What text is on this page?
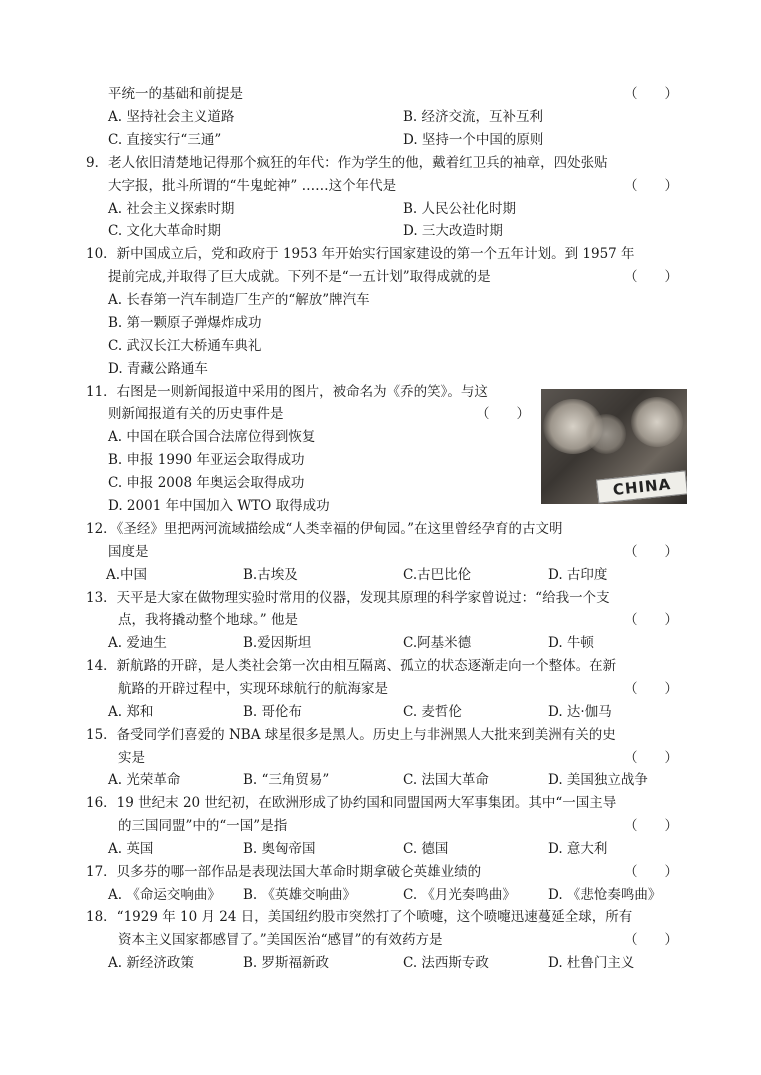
CHINA
平统一的基础和前提是	（　　）
A. 坚持社会主义道路	B. 经济交流，互补互利
C. 直接实行“三通”	D. 坚持一个中国的原则
9．老人依旧清楚地记得那个疯狂的年代：作为学生的他，戴着红卫兵的袖章，四处张贴
大字报，批斗所谓的“牛鬼蛇神” ……这个年代是	（　　）
A. 社会主义探索时期	B. 人民公社化时期
C. 文化大革命时期	D. 三大改造时期
10．新中国成立后，党和政府于 1953 年开始实行国家建设的第一个五年计划。到 1957 年
提前完成,并取得了巨大成就。下列不是“一五计划”取得成就的是	（　　）
A. 长春第一汽车制造厂生产的“解放”牌汽车
B. 第一颗原子弹爆炸成功
C. 武汉长江大桥通车典礼
D. 青藏公路通车
11．右图是一则新闻报道中采用的图片，被命名为《乔的笑》。与这
则新闻报道有关的历史事件是	（　　）
A. 中国在联合国合法席位得到恢复
B. 申报 1990 年亚运会取得成功
C. 申报 2008 年奥运会取得成功
D. 2001 年中国加入 WTO 取得成功
12．《圣经》里把两河流域描绘成“人类幸福的伊甸园。”在这里曾经孕育的古文明
国度是	（　　）
A.中国	B.古埃及	C.古巴比伦	D. 古印度
13．天平是大家在做物理实验时常用的仪器，发现其原理的科学家曾说过：“给我一个支
点，我将撬动整个地球。” 他是	（　　）
A. 爱迪生	B.爱因斯坦	C.阿基米德	D. 牛顿
14．新航路的开辟，是人类社会第一次由相互隔离、孤立的状态逐渐走向一个整体。在新
航路的开辟过程中，实现环球航行的航海家是	（　　）
A. 郑和	B. 哥伦布	C. 麦哲伦	D. 达·伽马
15．备受同学们喜爱的 NBA 球星很多是黑人。历史上与非洲黑人大批来到美洲有关的史
实是	（　　）
A. 光荣革命	B. “三角贸易”	C. 法国大革命	D. 美国独立战争
16．19 世纪末 20 世纪初，在欧洲形成了协约国和同盟国两大军事集团。其中“一国主导
的三国同盟”中的“一国”是指	（　　）
A. 英国	B. 奥匈帝国	C. 德国	D. 意大利
17．贝多芬的哪一部作品是表现法国大革命时期拿破仑英雄业绩的	（　　）
A. 《命运交响曲》 B. 《英雄交响曲》	C. 《月光奏鸣曲》 D. 《悲怆奏鸣曲》
18．“1929 年 10 月 24 日，美国纽约股市突然打了个喷嚏，这个喷嚏迅速蔓延全球，所有
资本主义国家都感冒了。”美国医治“感冒”的有效药方是	（　　）
A. 新经济政策	B. 罗斯福新政	C. 法西斯专政	D. 杜鲁门主义
